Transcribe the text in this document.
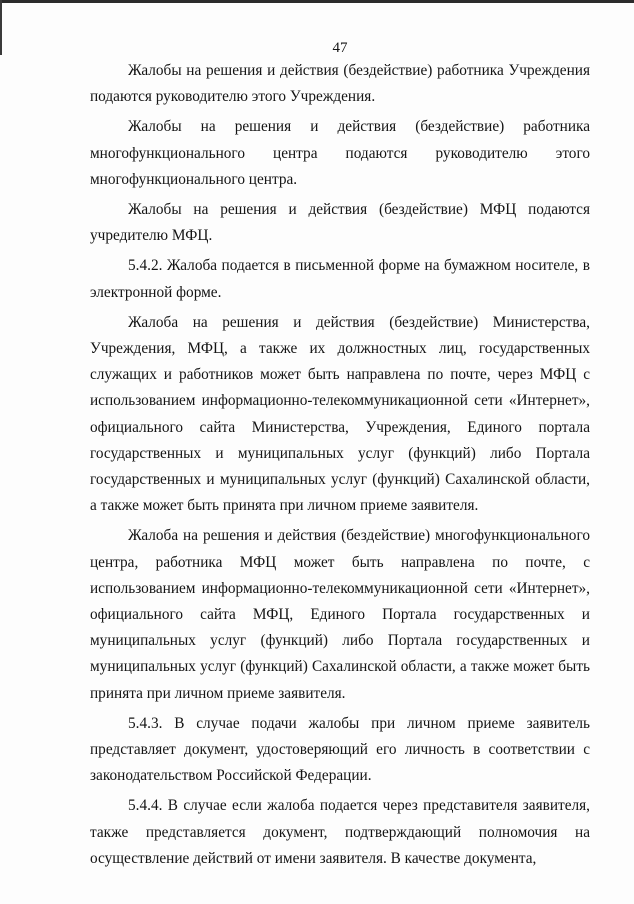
47

Жалобы на решения и действия (бездействие) работника Учреждения подаются руководителю этого Учреждения.

Жалобы на решения и действия (бездействие) работника многофункционального центра подаются руководителю этого многофункционального центра.

Жалобы на решения и действия (бездействие) МФЦ подаются учредителю МФЦ.

5.4.2. Жалоба подается в письменной форме на бумажном носителе, в электронной форме.

Жалоба на решения и действия (бездействие) Министерства, Учреждения, МФЦ, а также их должностных лиц, государственных служащих и работников может быть направлена по почте, через МФЦ с использованием информационно-телекоммуникационной сети «Интернет», официального сайта Министерства, Учреждения, Единого портала государственных и муниципальных услуг (функций) либо Портала государственных и муниципальных услуг (функций) Сахалинской области, а также может быть принята при личном приеме заявителя.

Жалоба на решения и действия (бездействие) многофункционального центра, работника МФЦ может быть направлена по почте, с использованием информационно-телекоммуникационной сети «Интернет», официального сайта МФЦ, Единого Портала государственных и муниципальных услуг (функций) либо Портала государственных и муниципальных услуг (функций) Сахалинской области, а также может быть принята при личном приеме заявителя.

5.4.3. В случае подачи жалобы при личном приеме заявитель представляет документ, удостоверяющий его личность в соответствии с законодательством Российской Федерации.

5.4.4. В случае если жалоба подается через представителя заявителя, также представляется документ, подтверждающий полномочия на осуществление действий от имени заявителя. В качестве документа,
